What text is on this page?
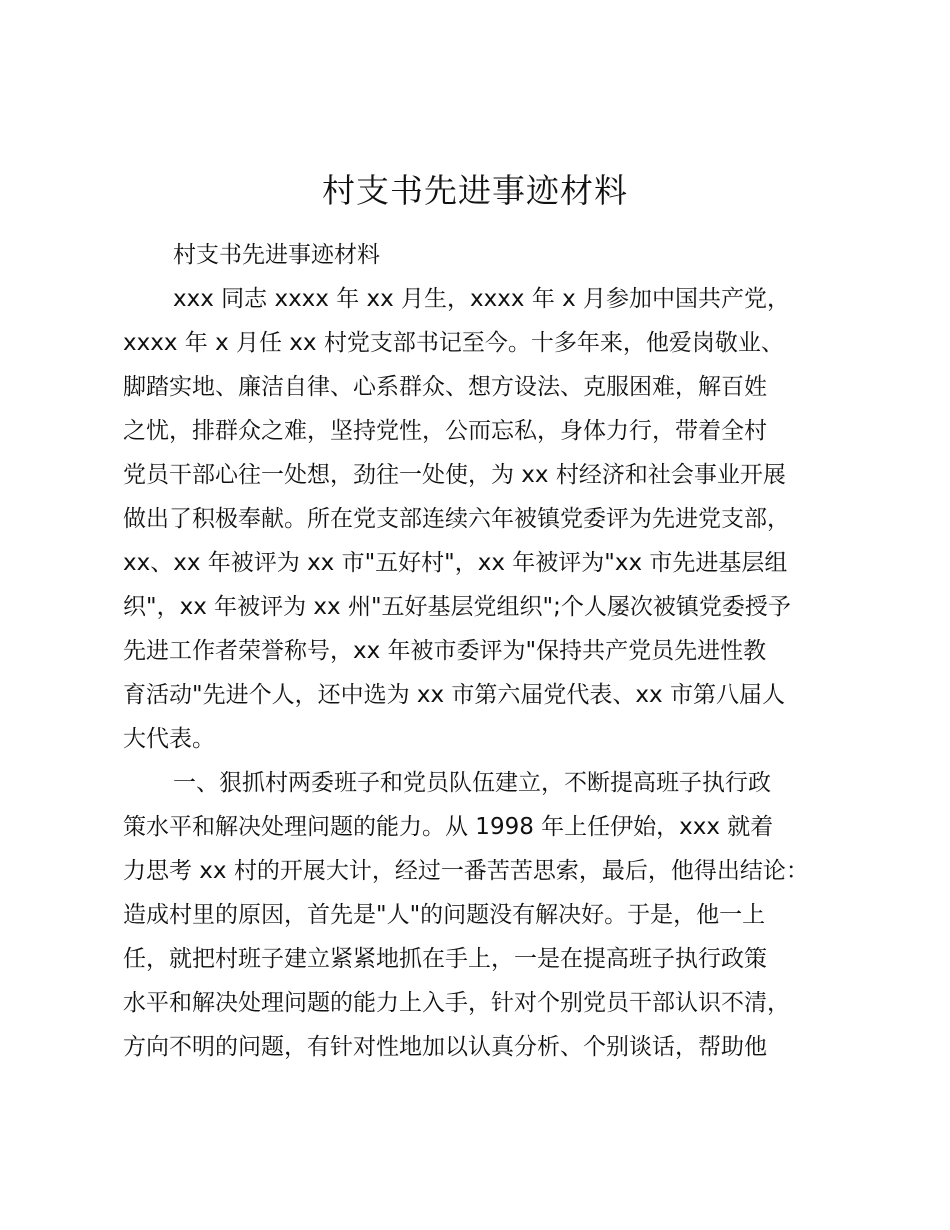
村支书先进事迹材料
村支书先进事迹材料
xxx 同志 xxxx 年 xx 月生，xxxx 年 x 月参加中国共产党，
xxxx 年 x 月任 xx 村党支部书记至今。十多年来，他爱岗敬业、
脚踏实地、廉洁自律、心系群众、想方设法、克服困难，解百姓
之忧，排群众之难，坚持党性，公而忘私，身体力行，带着全村
党员干部心往一处想，劲往一处使，为 xx 村经济和社会事业开展
做出了积极奉献。所在党支部连续六年被镇党委评为先进党支部，
xx、xx 年被评为 xx 市"五好村"，xx 年被评为"xx 市先进基层组
织"，xx 年被评为 xx 州"五好基层党组织";个人屡次被镇党委授予
先进工作者荣誉称号，xx 年被市委评为"保持共产党员先进性教
育活动"先进个人，还中选为 xx 市第六届党代表、xx 市第八届人
大代表。
一、狠抓村两委班子和党员队伍建立，不断提高班子执行政
策水平和解决处理问题的能力。从 1998 年上任伊始，xxx 就着
力思考 xx 村的开展大计，经过一番苦苦思索，最后，他得出结论：
造成村里的原因，首先是"人"的问题没有解决好。于是，他一上
任，就把村班子建立紧紧地抓在手上，一是在提高班子执行政策
水平和解决处理问题的能力上入手，针对个别党员干部认识不清，
方向不明的问题，有针对性地加以认真分析、个别谈话，帮助他
